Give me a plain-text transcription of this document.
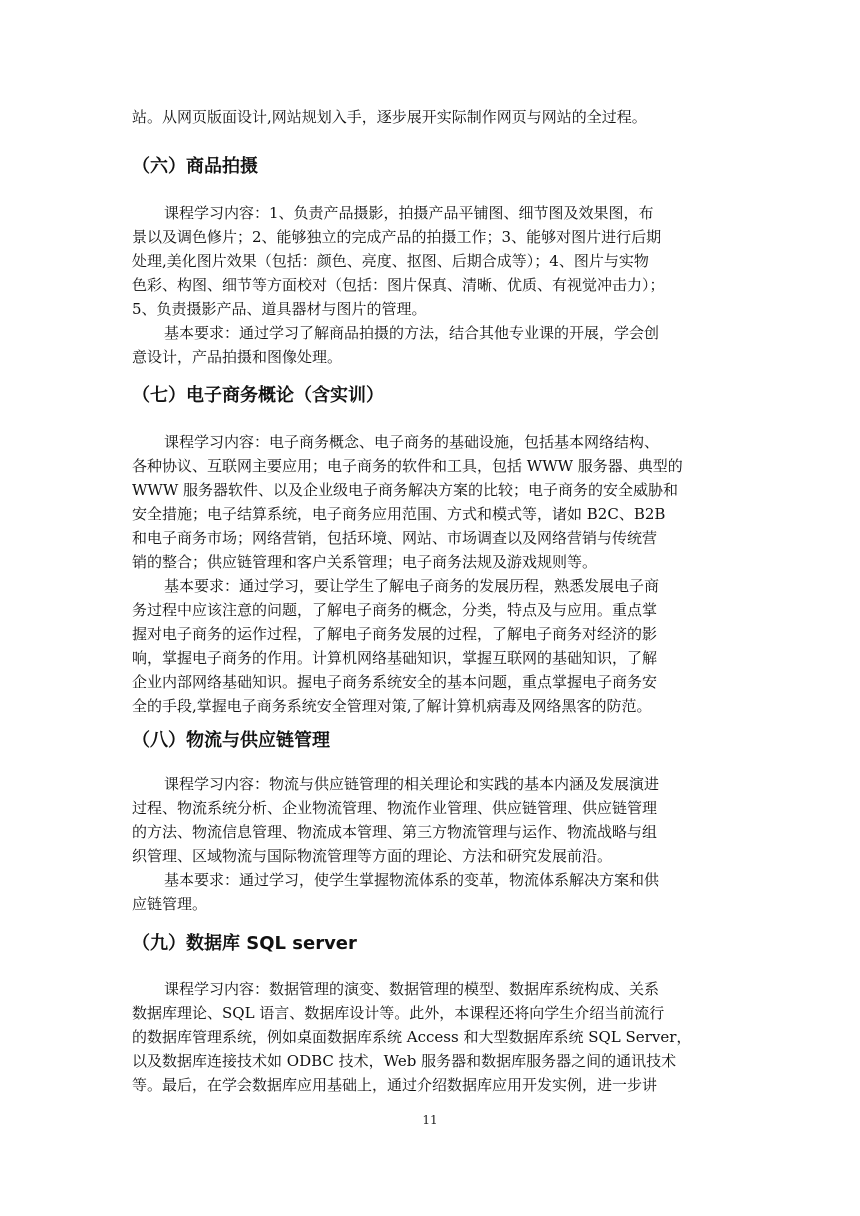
站。从网页版面设计,网站规划入手，逐步展开实际制作网页与网站的全过程。
（六）商品拍摄
课程学习内容：1、负责产品摄影，拍摄产品平铺图、细节图及效果图，布
景以及调色修片；2、能够独立的完成产品的拍摄工作；3、能够对图片进行后期
处理,美化图片效果（包括：颜色、亮度、抠图、后期合成等）；4、图片与实物
色彩、构图、细节等方面校对（包括：图片保真、清晰、优质、有视觉冲击力）；
5、负责摄影产品、道具器材与图片的管理。
基本要求：通过学习了解商品拍摄的方法，结合其他专业课的开展，学会创
意设计，产品拍摄和图像处理。
（七）电子商务概论（含实训）
课程学习内容：电子商务概念、电子商务的基础设施，包括基本网络结构、
各种协议、互联网主要应用；电子商务的软件和工具，包括 WWW 服务器、典型的
WWW 服务器软件、以及企业级电子商务解决方案的比较；电子商务的安全威胁和
安全措施；电子结算系统，电子商务应用范围、方式和模式等，诸如 B2C、B2B
和电子商务市场；网络营销，包括环境、网站、市场调查以及网络营销与传统营
销的整合；供应链管理和客户关系管理；电子商务法规及游戏规则等。
基本要求：通过学习，要让学生了解电子商务的发展历程，熟悉发展电子商
务过程中应该注意的问题，了解电子商务的概念，分类，特点及与应用。重点掌
握对电子商务的运作过程，了解电子商务发展的过程，了解电子商务对经济的影
响，掌握电子商务的作用。计算机网络基础知识，掌握互联网的基础知识，了解
企业内部网络基础知识。握电子商务系统安全的基本问题，重点掌握电子商务安
全的手段,掌握电子商务系统安全管理对策,了解计算机病毒及网络黑客的防范。
（八）物流与供应链管理
课程学习内容：物流与供应链管理的相关理论和实践的基本内涵及发展演进
过程、物流系统分析、企业物流管理、物流作业管理、供应链管理、供应链管理
的方法、物流信息管理、物流成本管理、第三方物流管理与运作、物流战略与组
织管理、区域物流与国际物流管理等方面的理论、方法和研究发展前沿。
基本要求：通过学习，使学生掌握物流体系的变革，物流体系解决方案和供
应链管理。
（九）数据库 SQL server
课程学习内容：数据管理的演变、数据管理的模型、数据库系统构成、关系
数据库理论、SQL 语言、数据库设计等。此外，本课程还将向学生介绍当前流行
的数据库管理系统，例如桌面数据库系统 Access 和大型数据库系统 SQL Server，
以及数据库连接技术如 ODBC 技术，Web 服务器和数据库服务器之间的通讯技术
等。最后，在学会数据库应用基础上，通过介绍数据库应用开发实例，进一步讲
11
